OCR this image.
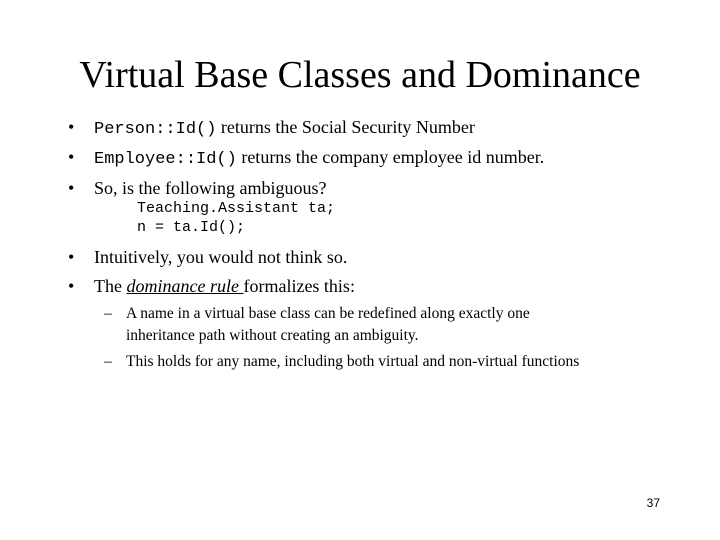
Virtual Base Classes and Dominance
• Person::Id() returns the Social Security Number
• Employee::Id() returns the company employee id number.
• So, is the following ambiguous?
Teaching.Assistant ta;
n = ta.Id();
• Intuitively, you would not think so.
• The dominance rule formalizes this:
– A name in a virtual base class can be redefined along exactly one
inheritance path without creating an ambiguity.
– This holds for any name, including both virtual and non-virtual functions
37
